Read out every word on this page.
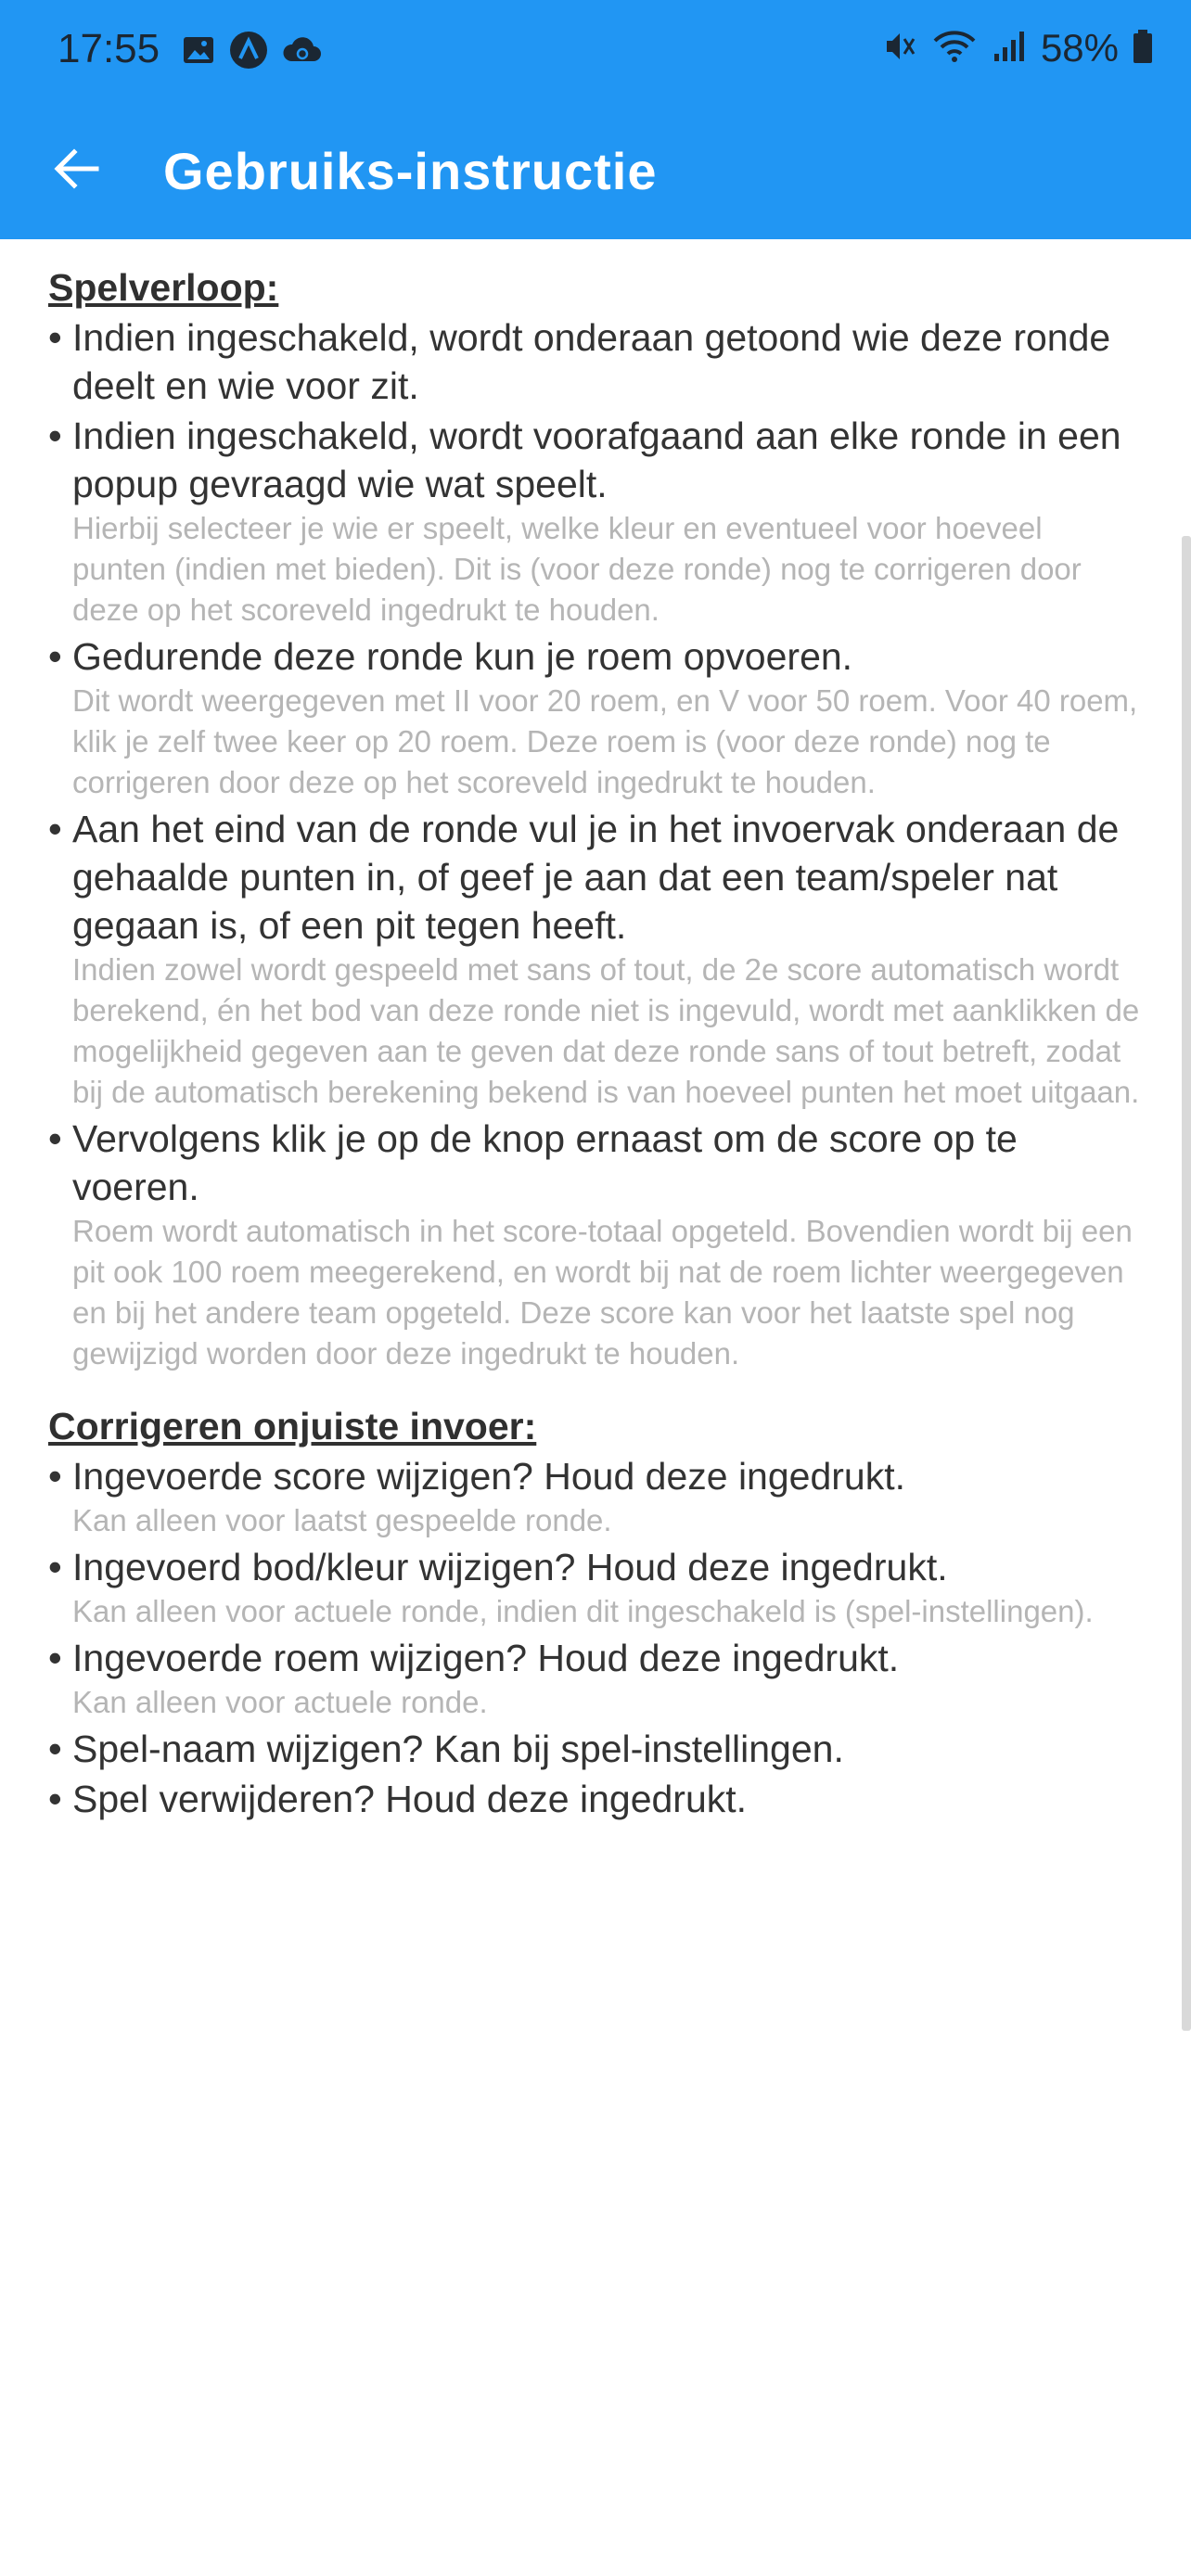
17:55	58%
Gebruiks-instructie
Spelverloop:
• Indien ingeschakeld, wordt onderaan getoond wie deze ronde deelt en wie voor zit.
• Indien ingeschakeld, wordt voorafgaand aan elke ronde in een popup gevraagd wie wat speelt.
Hierbij selecteer je wie er speelt, welke kleur en eventueel voor hoeveel punten (indien met bieden). Dit is (voor deze ronde) nog te corrigeren door deze op het scoreveld ingedrukt te houden.
• Gedurende deze ronde kun je roem opvoeren.
Dit wordt weergegeven met II voor 20 roem, en V voor 50 roem. Voor 40 roem, klik je zelf twee keer op 20 roem. Deze roem is (voor deze ronde) nog te corrigeren door deze op het scoreveld ingedrukt te houden.
• Aan het eind van de ronde vul je in het invoervak onderaan de gehaalde punten in, of geef je aan dat een team/speler nat gegaan is, of een pit tegen heeft.
Indien zowel wordt gespeeld met sans of tout, de 2e score automatisch wordt berekend, én het bod van deze ronde niet is ingevuld, wordt met aanklikken de mogelijkheid gegeven aan te geven dat deze ronde sans of tout betreft, zodat bij de automatisch berekening bekend is van hoeveel punten het moet uitgaan.
• Vervolgens klik je op de knop ernaast om de score op te voeren.
Roem wordt automatisch in het score-totaal opgeteld. Bovendien wordt bij een pit ook 100 roem meegerekend, en wordt bij nat de roem lichter weergegeven en bij het andere team opgeteld. Deze score kan voor het laatste spel nog gewijzigd worden door deze ingedrukt te houden.
Corrigeren onjuiste invoer:
• Ingevoerde score wijzigen? Houd deze ingedrukt.
Kan alleen voor laatst gespeelde ronde.
• Ingevoerd bod/kleur wijzigen? Houd deze ingedrukt.
Kan alleen voor actuele ronde, indien dit ingeschakeld is (spel-instellingen).
• Ingevoerde roem wijzigen? Houd deze ingedrukt.
Kan alleen voor actuele ronde.
• Spel-naam wijzigen? Kan bij spel-instellingen.
• Spel verwijderen? Houd deze ingedrukt.
